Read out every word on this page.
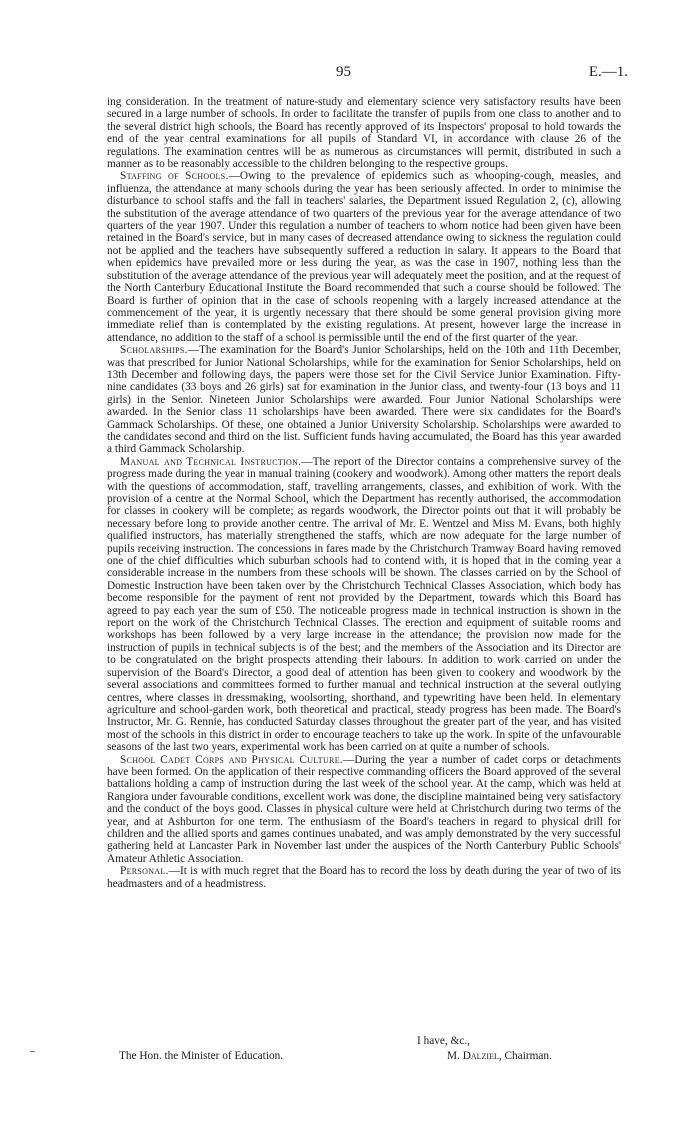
95	E.—1.

ing consideration. In the treatment of nature-study and elementary science very satisfactory results have been secured in a large number of schools. In order to facilitate the transfer of pupils from one class to another and to the several district high schools, the Board has recently approved of its Inspectors' proposal to hold towards the end of the year central examinations for all pupils of Standard VI, in accordance with clause 26 of the regulations. The examination centres will be as numerous as circumstances will permit, distributed in such a manner as to be reasonably accessible to the children belonging to the respective groups.

Staffing of Schools.—Owing to the prevalence of epidemics such as whooping-cough, measles, and influenza, the attendance at many schools during the year has been seriously affected. In order to minimise the disturbance to school staffs and the fall in teachers' salaries, the Department issued Regulation 2, (c), allowing the substitution of the average attendance of two quarters of the previous year for the average attendance of two quarters of the year 1907. Under this regulation a number of teachers to whom notice had been given have been retained in the Board's service, but in many cases of decreased attendance owing to sickness the regulation could not be applied and the teachers have subsequently suffered a reduction in salary. It appears to the Board that when epidemics have prevailed more or less during the year, as was the case in 1907, nothing less than the substitution of the average attendance of the previous year will adequately meet the position, and at the request of the North Canterbury Educational Institute the Board recommended that such a course should be followed. The Board is further of opinion that in the case of schools reopening with a largely increased attendance at the commencement of the year, it is urgently necessary that there should be some general provision giving more immediate relief than is contemplated by the existing regulations. At present, however large the increase in attendance, no addition to the staff of a school is permissible until the end of the first quarter of the year.

Scholarships.—The examination for the Board's Junior Scholarships, held on the 10th and 11th December, was that prescribed for Junior National Scholarships, while for the examination for Senior Scholarships, held on 13th December and following days, the papers were those set for the Civil Service Junior Examination. Fifty-nine candidates (33 boys and 26 girls) sat for examination in the Junior class, and twenty-four (13 boys and 11 girls) in the Senior. Nineteen Junior Scholarships were awarded. Four Junior National Scholarships were awarded. In the Senior class 11 scholarships have been awarded. There were six candidates for the Board's Gammack Scholarships. Of these, one obtained a Junior University Scholarship. Scholarships were awarded to the candidates second and third on the list. Sufficient funds having accumulated, the Board has this year awarded a third Gammack Scholarship.

Manual and Technical Instruction.—The report of the Director contains a comprehensive survey of the progress made during the year in manual training (cookery and woodwork). Among other matters the report deals with the questions of accommodation, staff, travelling arrangements, classes, and exhibition of work. With the provision of a centre at the Normal School, which the Department has recently authorised, the accommodation for classes in cookery will be complete; as regards woodwork, the Director points out that it will probably be necessary before long to provide another centre. The arrival of Mr. E. Wentzel and Miss M. Evans, both highly qualified instructors, has materially strengthened the staffs, which are now adequate for the large number of pupils receiving instruction. The concessions in fares made by the Christchurch Tramway Board having removed one of the chief difficulties which suburban schools had to contend with, it is hoped that in the coming year a considerable increase in the numbers from these schools will be shown. The classes carried on by the School of Domestic Instruction have been taken over by the Christchurch Technical Classes Association, which body has become responsible for the payment of rent not provided by the Department, towards which this Board has agreed to pay each year the sum of £50. The noticeable progress made in technical instruction is shown in the report on the work of the Christchurch Technical Classes. The erection and equipment of suitable rooms and workshops has been followed by a very large increase in the attendance; the provision now made for the instruction of pupils in technical subjects is of the best; and the members of the Association and its Director are to be congratulated on the bright prospects attending their labours. In addition to work carried on under the supervision of the Board's Director, a good deal of attention has been given to cookery and woodwork by the several associations and committees formed to further manual and technical instruction at the several outlying centres, where classes in dressmaking, woolsorting, shorthand, and typewriting have been held. In elementary agriculture and school-garden work, both theoretical and practical, steady progress has been made. The Board's Instructor, Mr. G. Rennie, has conducted Saturday classes throughout the greater part of the year, and has visited most of the schools in this district in order to encourage teachers to take up the work. In spite of the unfavourable seasons of the last two years, experimental work has been carried on at quite a number of schools.

School Cadet Corps and Physical Culture.—During the year a number of cadet corps or detachments have been formed. On the application of their respective commanding officers the Board approved of the several battalions holding a camp of instruction during the last week of the school year. At the camp, which was held at Rangiora under favourable conditions, excellent work was done, the discipline maintained being very satisfactory and the conduct of the boys good. Classes in physical culture were held at Christchurch during two terms of the year, and at Ashburton for one term. The enthusiasm of the Board's teachers in regard to physical drill for children and the allied sports and games continues unabated, and was amply demonstrated by the very successful gathering held at Lancaster Park in November last under the auspices of the North Canterbury Public Schools' Amateur Athletic Association.

Personal.—It is with much regret that the Board has to record the loss by death during the year of two of its headmasters and of a headmistress.

I have, &c.,
The Hon. the Minister of Education.	M. Dalziel, Chairman.
